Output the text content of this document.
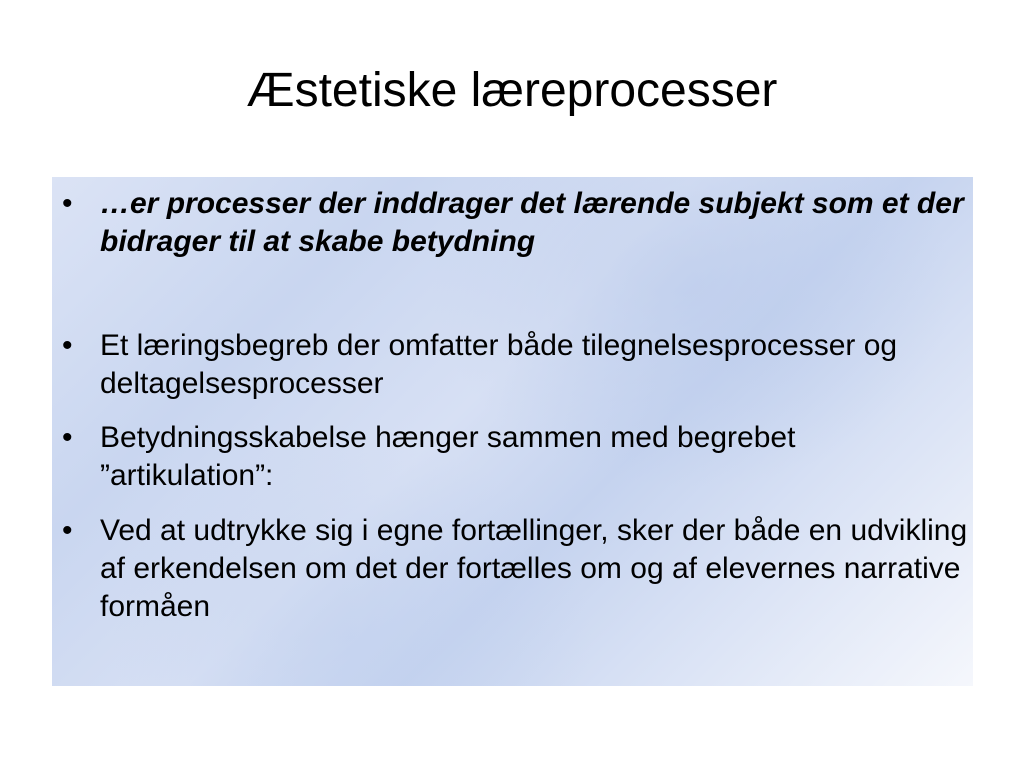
Æstetiske læreprocesser
• …er processer der inddrager det lærende subjekt som et der bidrager til at skabe betydning
• Et læringsbegreb der omfatter både tilegnelsesprocesser og deltagelsesprocesser
• Betydningsskabelse hænger sammen med begrebet ”artikulation”:
• Ved at udtrykke sig i egne fortællinger, sker der både en udvikling af erkendelsen om det der fortælles om og af elevernes narrative formåen
